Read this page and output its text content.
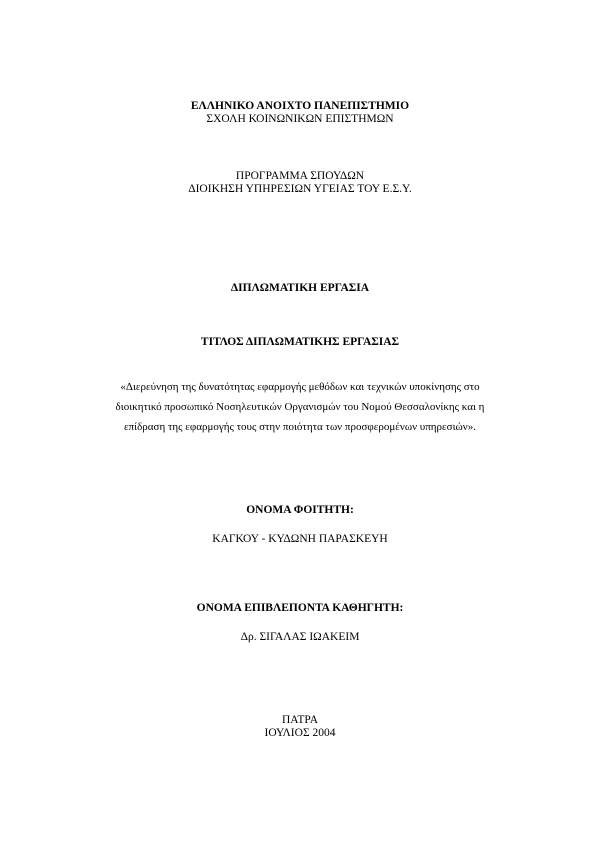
ΕΛΛΗΝΙΚΟ ΑΝΟΙΧΤΟ ΠΑΝΕΠΙΣΤΗΜΙΟ
ΣΧΟΛΗ ΚΟΙΝΩΝΙΚΩΝ ΕΠΙΣΤΗΜΩΝ
ΠΡΟΓΡΑΜΜΑ ΣΠΟΥΔΩΝ
ΔΙΟΙΚΗΣΗ ΥΠΗΡΕΣΙΩΝ ΥΓΕΙΑΣ ΤΟΥ Ε.Σ.Υ.
ΔΙΠΛΩΜΑΤΙΚΗ ΕΡΓΑΣΙΑ
ΤΙΤΛΟΣ ΔΙΠΛΩΜΑΤΙΚΗΣ ΕΡΓΑΣΙΑΣ
«Διερεύνηση της δυνατότητας εφαρμογής μεθόδων και τεχνικών υποκίνησης στο
διοικητικό προσωπικό Νοσηλευτικών Οργανισμών του Νομού Θεσσαλονίκης και η
επίδραση της εφαρμογής τους στην ποιότητα των προσφερομένων υπηρεσιών».
ΟΝΟΜΑ ΦΟΙΤΗΤΗ:
ΚΑΓΚΟΥ - ΚΥΔΩΝΗ ΠΑΡΑΣΚΕΥΗ
ΟΝΟΜΑ ΕΠΙΒΛΕΠΟΝΤΑ ΚΑΘΗΓΗΤΗ:
Δρ. ΣΙΓΑΛΑΣ ΙΩΑΚΕΙΜ
ΠΑΤΡΑ
ΙΟΥΛΙΟΣ 2004
